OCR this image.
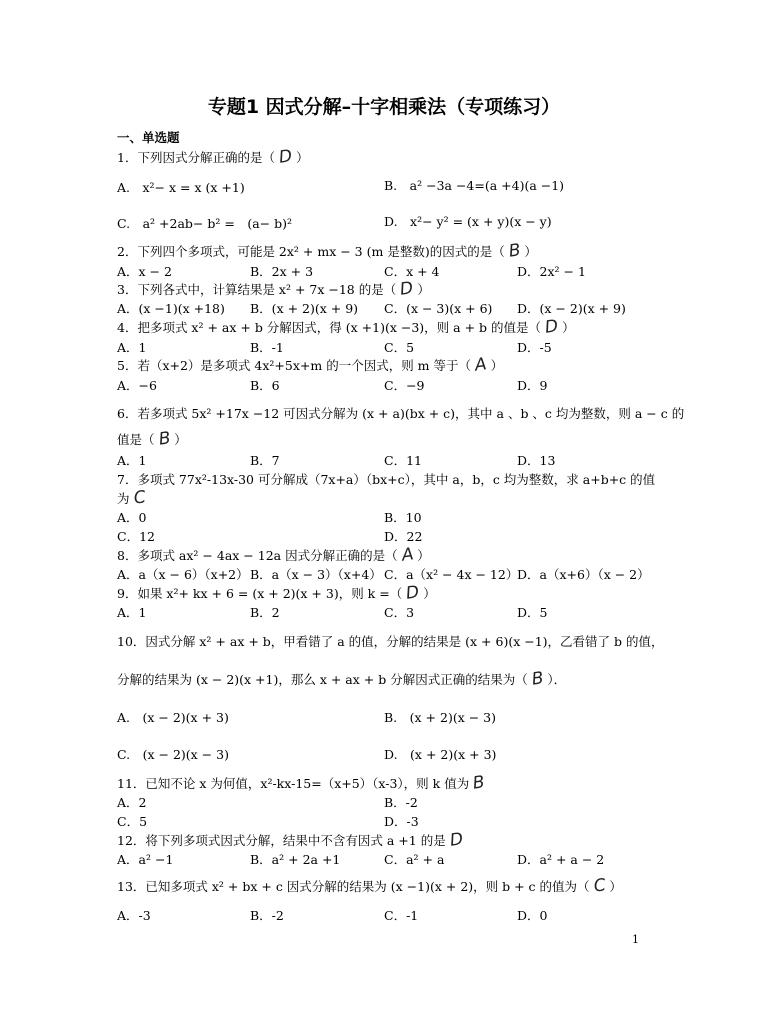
专题1 因式分解–十字相乘法（专项练习）
一、单选题
1．下列因式分解正确的是（ D ）
A.　x²− x = x (x +1)	B.　a² −3a −4=(a +4)(a −1)
C.　a² +2ab− b² =　(a− b)²	D.　x²− y² = (x + y)(x − y)
2．下列四个多项式，可能是 2x² + mx − 3 (m 是整数)的因式的是（ B ）
A．x − 2	B．2x + 3	C．x + 4	D．2x² − 1
3．下列各式中，计算结果是 x² + 7x −18 的是（ D ）
A．(x −1)(x +18) B．(x + 2)(x + 9) C．(x − 3)(x + 6) D．(x − 2)(x + 9)
4．把多项式 x² + ax + b 分解因式，得 (x +1)(x −3)，则 a + b 的值是（ D ）
A．1	B．-1	C．5	D．-5
5．若（x+2）是多项式 4x²+5x+m 的一个因式，则 m 等于（ A ）
A．−6	B．6	C．−9	D．9
6．若多项式 5x² +17x −12 可因式分解为 (x + a)(bx + c)，其中 a 、b 、c 均为整数，则 a − c 的
值是（ B ）
A．1	B．7	C．11	D．13
7．多项式 77x²-13x-30 可分解成（7x+a）（bx+c），其中 a，b，c 均为整数，求 a+b+c 的值
为 C
A．0	B．10
C．12	D．22
8．多项式 ax² − 4ax − 12a 因式分解正确的是（ A ）
A．a（x − 6）（x+2） B．a（x − 3）（x+4） C．a（x² − 4x − 12）
D．a（x+6）（x − 2）
9．如果 x²+ kx + 6 = (x + 2)(x + 3)，则 k =（ D ）
A．1	B．2	C．3	D．5
10．因式分解 x² + ax + b，甲看错了 a 的值，分解的结果是 (x + 6)(x −1)，乙看错了 b 的值，
分解的结果为 (x − 2)(x +1)，那么 x + ax + b 分解因式正确的结果为（ B ）．
A.　(x − 2)(x + 3)	B.　(x + 2)(x − 3)
C.　(x − 2)(x − 3)	D.　(x + 2)(x + 3)
11．已知不论 x 为何值，x²-kx-15=（x+5）（x-3），则 k 值为 B
A．2	B．-2
C．5	D．-3
12．将下列多项式因式分解，结果中不含有因式 a +1 的是 D
A．a² −1	B．a² + 2a +1	C．a² + a	D．a² + a − 2
13．已知多项式 x² + bx + c 因式分解的结果为 (x −1)(x + 2)，则 b + c 的值为（ C ）
A．-3	B．-2	C．-1	D．0
1
